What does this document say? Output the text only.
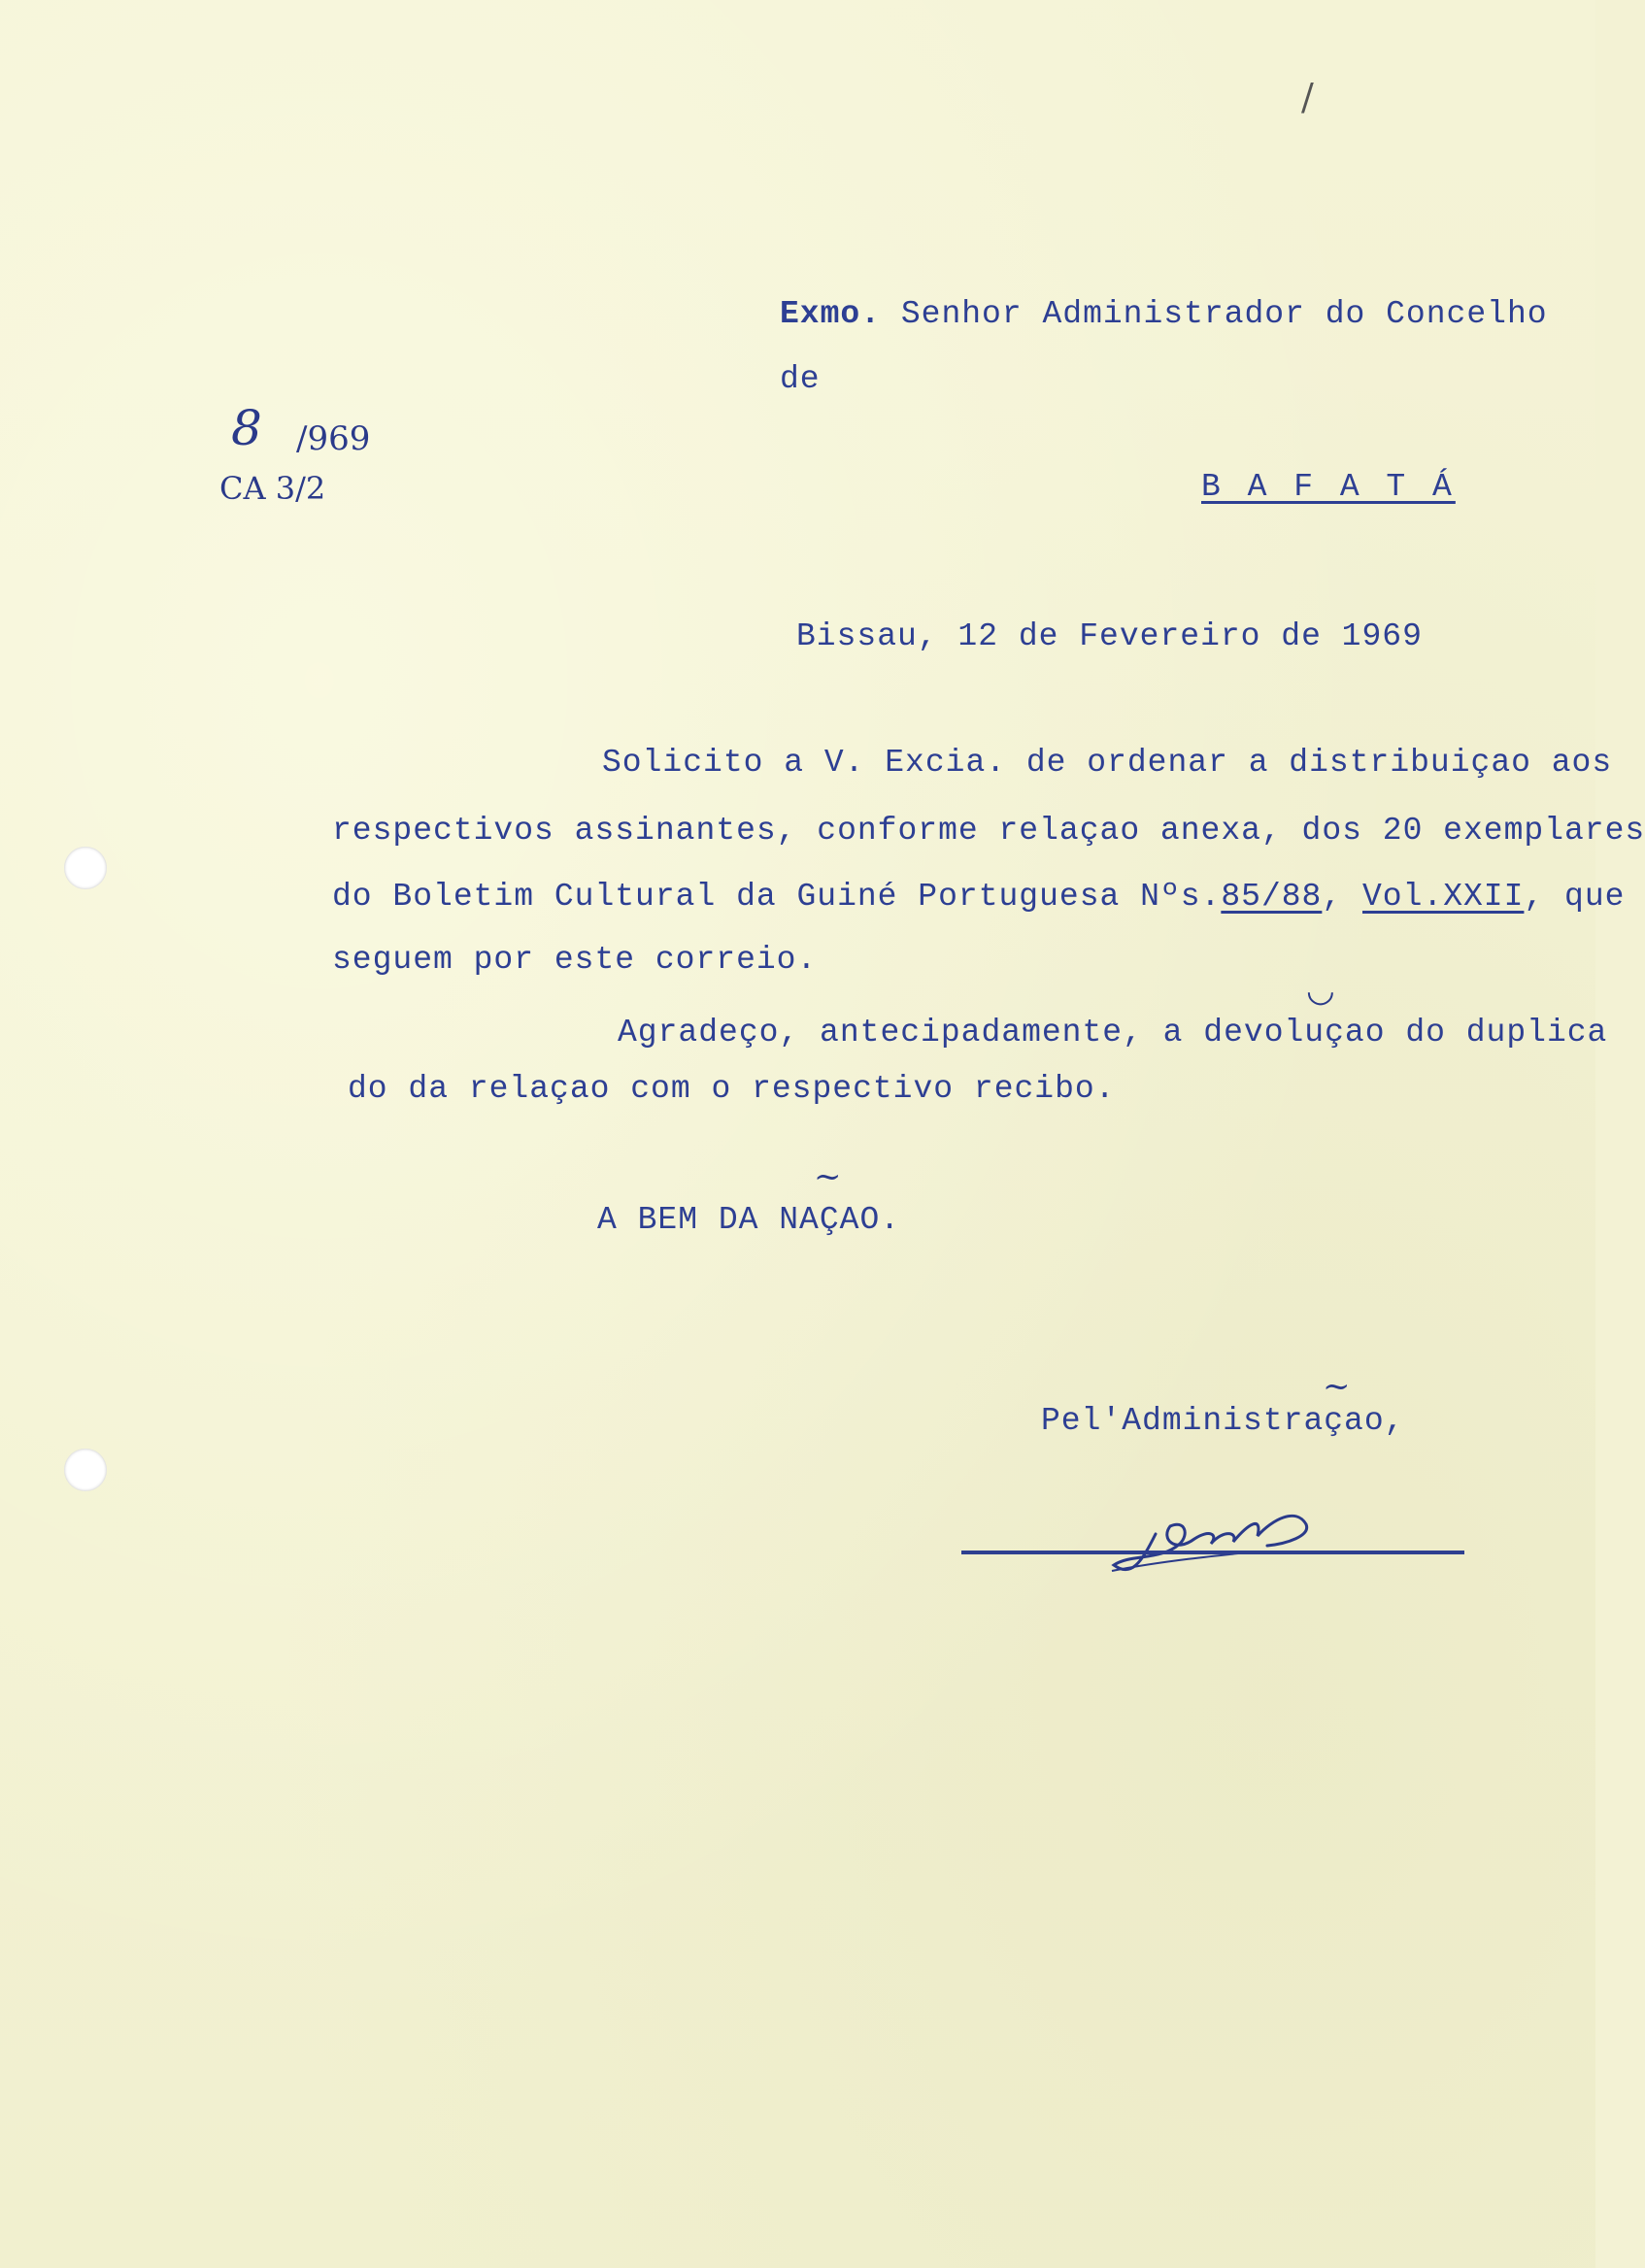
/
Exmo. Senhor Administrador do Concelho
de
B A F A T Á
8 /969
CA 3/2
Bissau, 12 de Fevereiro de 1969
Solicito a V. Excia. de ordenar a distribuiçao aos
respectivos assinantes, conforme relaçao anexa, dos 20 exemplares
do Boletim Cultural da Guiné Portuguesa Nºs.85/88, Vol.XXII, que
seguem por este correio.
◡
Agradeço, antecipadamente, a devoluçao do duplica
do da relaçao com o respectivo recibo.
~
A BEM DA NAÇAO.
~
Pel'Administraçao,
